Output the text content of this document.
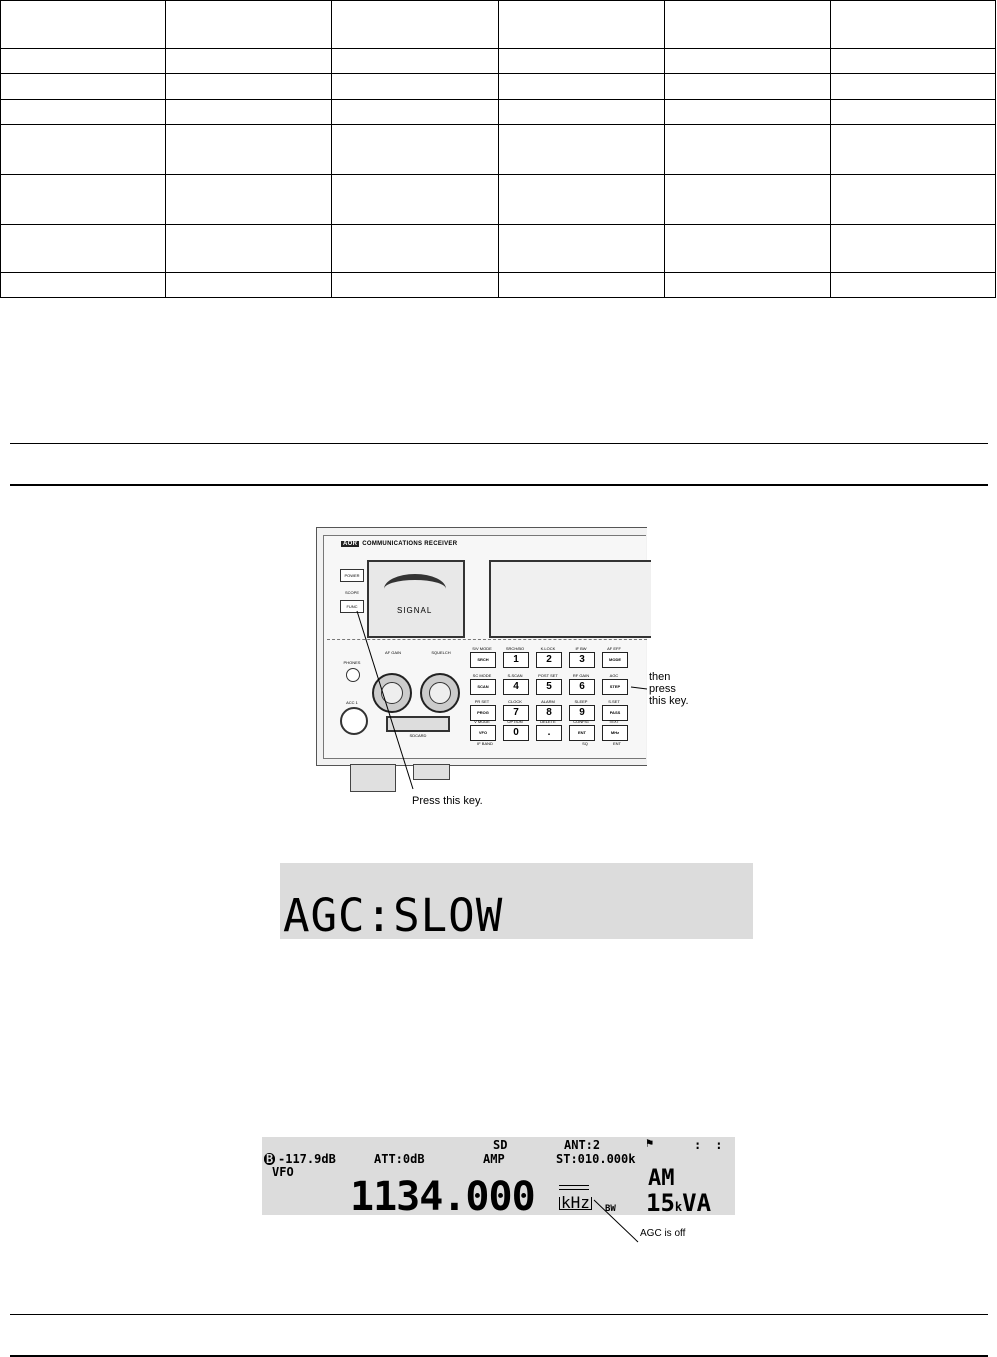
AOR COMMUNICATIONS RECEIVER
POWER
SCOPE
FUNC	SIGNAL
PHONES
ACC 1
AF GAIN	SQUELCH
SDCARD
S/V MODE
SRCH
SRCH/BO
1
K.LOCK
2
IF BW
3
AF EFF
MODE
SC MODE
SCAN
S-SCAN
4
POST SET
5
RF GAIN
6
AGC
STEP
PR SET
PROG
CLOCK
7
ALARM
8
SLEEP
9
S.SET
PASS
V MODE
VFO
OPTION
0
DELETE
.
CONFIG
ENT
TEXT
MHz
IF BAND	SQ	ENT
Press this key.
then
press
this key.
AGC:SLOW
SD	ANT:2	⚑	::
B -117.9dB	ATT:0dB	AMP	ST:010.000k
VFO
1134.000 kHz BW
AM
15kVA
AGC is off
